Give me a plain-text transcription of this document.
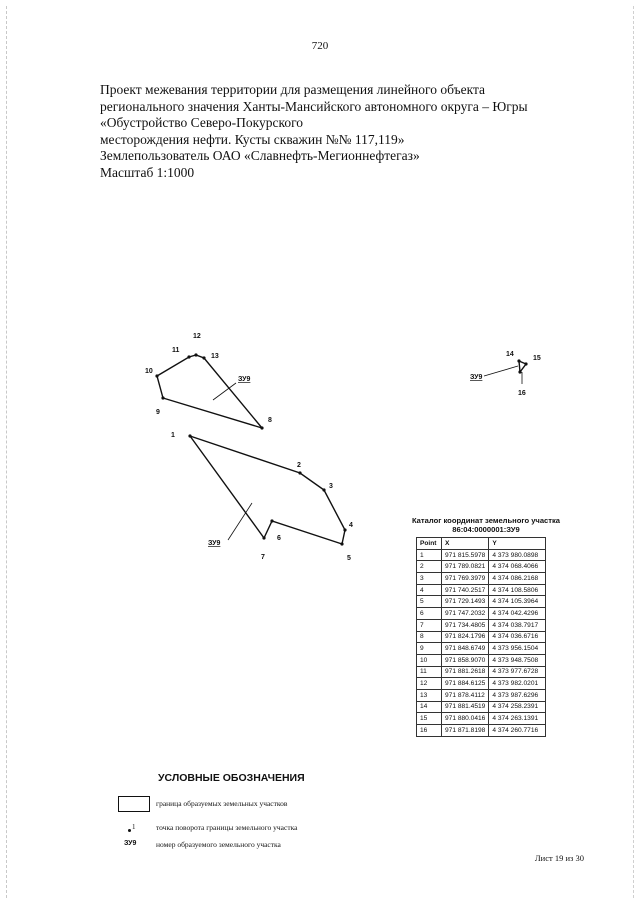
720
Проект межевания территории для размещения линейного объекта
регионального значения Ханты-Мансийского автономного округа – Югры
«Обустройство Северо-Покурского
месторождения нефти. Кусты скважин №№ 117,119»
Землепользователь ОАО «Славнефть-Мегионнефтегаз»
Масштаб 1:1000
1
2
3
4
5
6
7
8
9
10
11
12
13	14
15
16
ЗУ9
ЗУ9
ЗУ9
Каталог координат земельного участка
86:04:0000001:ЗУ9
Point	X	Y
1	971 815.5978	4 373 980.0898
2	971 789.0821	4 374 068.4066
3	971 769.3979	4 374 086.2168
4	971 740.2517	4 374 108.5806
5	971 729.1493	4 374 105.3964
6	971 747.2032	4 374 042.4296
7	971 734.4805	4 374 038.7917
8	971 824.1796	4 374 036.6716
9	971 848.6749	4 373 956.1504
10	971 858.9070	4 373 948.7508
11	971 881.2618	4 373 977.6728
12	971 884.6125	4 373 982.0201
13	971 878.4112	4 373 987.6296
14	971 881.4519	4 374 258.2391
15	971 880.0416	4 374 263.1391
16	971 871.8198	4 374 260.7716
УСЛОВНЫЕ ОБОЗНАЧЕНИЯ
граница образуемых земельных участков
1	точка поворота границы земельного участка
ЗУ9	номер образуемого земельного участка
Лист 19 из 30
